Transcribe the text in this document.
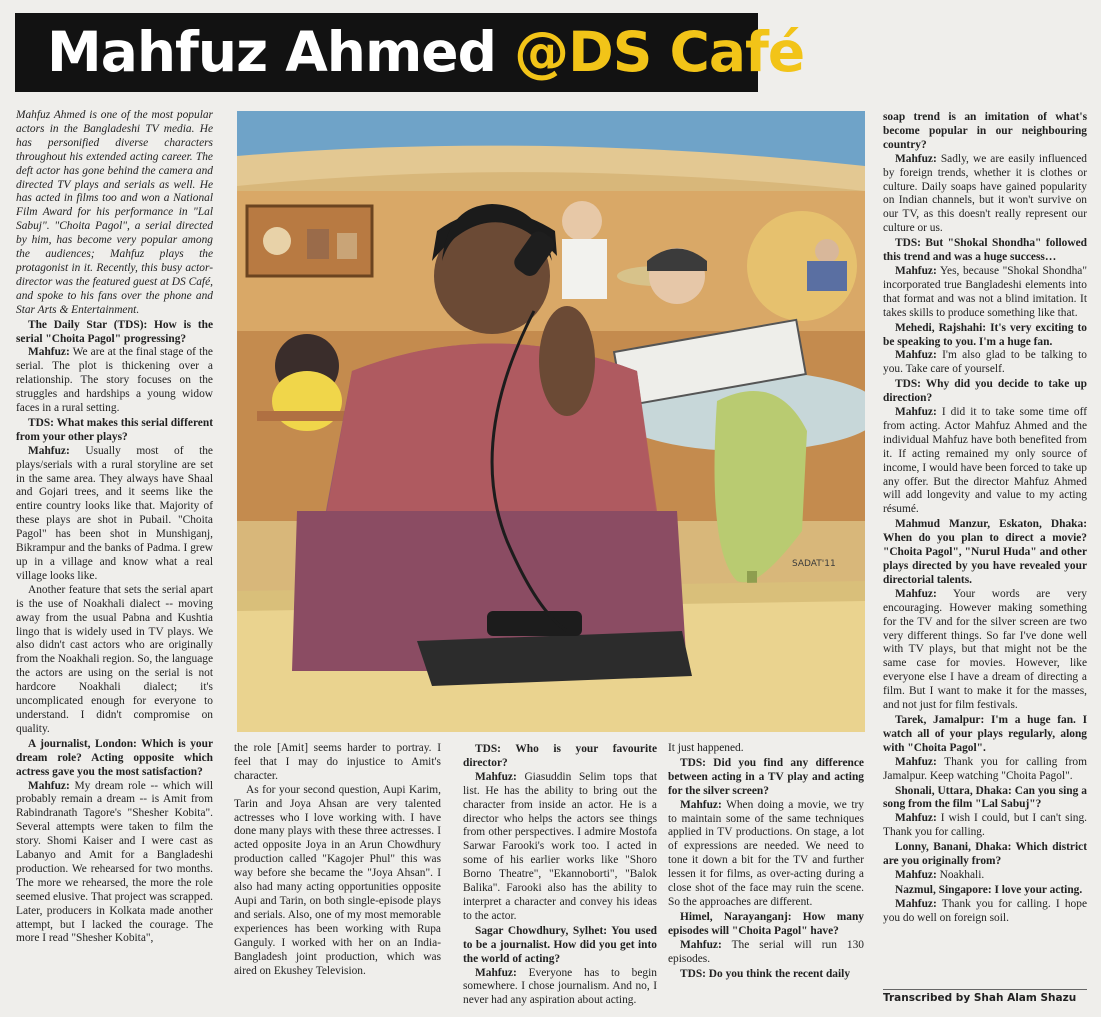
Mahfuz Ahmed @DS Café

Mahfuz Ahmed is one of the most popular actors in the Bangladeshi TV media. He has personified diverse characters throughout his extended acting career. The deft actor has gone behind the camera and directed TV plays and serials as well. He has acted in films too and won a National Film Award for his performance in "Lal Sabuj". "Choita Pagol", a serial directed by him, has become very popular among the audiences; Mahfuz plays the protagonist in it. Recently, this busy actor-director was the featured guest at DS Café, and spoke to his fans over the phone and Star Arts & Entertainment.

The Daily Star (TDS): How is the serial "Choita Pagol" progressing?

Mahfuz: We are at the final stage of the serial. The plot is thickening over a relationship. The story focuses on the struggles and hardships a young widow faces in a rural setting.

TDS: What makes this serial different from your other plays?

Mahfuz: Usually most of the plays/serials with a rural storyline are set in the same area. They always have Shaal and Gojari trees, and it seems like the entire country looks like that. Majority of these plays are shot in Pubail. "Choita Pagol" has been shot in Munshiganj, Bikrampur and the banks of Padma. I grew up in a village and know what a real village looks like.

Another feature that sets the serial apart is the use of Noakhali dialect -- moving away from the usual Pabna and Kushtia lingo that is widely used in TV plays. We also didn't cast actors who are originally from the Noakhali region. So, the language the actors are using on the serial is not hardcore Noakhali dialect; it's uncomplicated enough for everyone to understand. I didn't compromise on quality.

A journalist, London: Which is your dream role? Acting opposite which actress gave you the most satisfaction?

Mahfuz: My dream role -- which will probably remain a dream -- is Amit from Rabindranath Tagore's "Shesher Kobita". Several attempts were taken to film the story. Shomi Kaiser and I were cast as Labanyo and Amit for a Bangladeshi production. We rehearsed for two months. The more we rehearsed, the more the role seemed elusive. That project was scrapped. Later, producers in Kolkata made another attempt, but I lacked the courage. The more I read "Shesher Kobita",

SADAT'11

the role [Amit] seems harder to portray. I feel that I may do injustice to Amit's character.

As for your second question, Aupi Karim, Tarin and Joya Ahsan are very talented actresses who I love working with. I have done many plays with these three actresses. I acted opposite Joya in an Arun Chowdhury production called "Kagojer Phul" this was way before she became the "Joya Ahsan". I also had many acting opportunities opposite Aupi and Tarin, on both single-episode plays and serials. Also, one of my most memorable experiences has been working with Rupa Ganguly. I worked with her on an India-Bangladesh joint production, which was aired on Ekushey Television.

TDS: Who is your favourite director?

Mahfuz: Giasuddin Selim tops that list. He has the ability to bring out the character from inside an actor. He is a director who helps the actors see things from other perspectives. I admire Mostofa Sarwar Farooki's work too. I acted in some of his earlier works like "Shoro Borno Theatre", "Ekannoborti", "Balok Balika". Farooki also has the ability to interpret a character and convey his ideas to the actor.

Sagar Chowdhury, Sylhet: You used to be a journalist. How did you get into the world of acting?

Mahfuz: Everyone has to begin somewhere. I chose journalism. And no, I never had any aspiration about acting.

It just happened.

TDS: Did you find any difference between acting in a TV play and acting for the silver screen?

Mahfuz: When doing a movie, we try to maintain some of the same techniques applied in TV productions. On stage, a lot of expressions are needed. We need to tone it down a bit for the TV and further lessen it for films, as over-acting during a close shot of the face may ruin the scene. So the approaches are different.

Himel, Narayanganj: How many episodes will "Choita Pagol" have?

Mahfuz: The serial will run 130 episodes.

TDS: Do you think the recent daily

soap trend is an imitation of what's become popular in our neighbouring country?

Mahfuz: Sadly, we are easily influenced by foreign trends, whether it is clothes or culture. Daily soaps have gained popularity on Indian channels, but it won't survive on our TV, as this doesn't really represent our culture or us.

TDS: But "Shokal Shondha" followed this trend and was a huge success…

Mahfuz: Yes, because "Shokal Shondha" incorporated true Bangladeshi elements into that format and was not a blind imitation. It takes skills to produce something like that.

Mehedi, Rajshahi: It's very exciting to be speaking to you. I'm a huge fan.

Mahfuz: I'm also glad to be talking to you. Take care of yourself.

TDS: Why did you decide to take up direction?

Mahfuz: I did it to take some time off from acting. Actor Mahfuz Ahmed and the individual Mahfuz have both benefited from it. If acting remained my only source of income, I would have been forced to take up any offer. But the director Mahfuz Ahmed will add longevity and value to my acting résumé.

Mahmud Manzur, Eskaton, Dhaka: When do you plan to direct a movie? "Choita Pagol", "Nurul Huda" and other plays directed by you have revealed your directorial talents.

Mahfuz: Your words are very encouraging. However making something for the TV and for the silver screen are two very different things. So far I've done well with TV plays, but that might not be the same case for movies. However, like everyone else I have a dream of directing a film. But I want to make it for the masses, and not just for film festivals.

Tarek, Jamalpur: I'm a huge fan. I watch all of your plays regularly, along with "Choita Pagol".

Mahfuz: Thank you for calling from Jamalpur. Keep watching "Choita Pagol".

Shonali, Uttara, Dhaka: Can you sing a song from the film "Lal Sabuj"?

Mahfuz: I wish I could, but I can't sing. Thank you for calling.

Lonny, Banani, Dhaka: Which district are you originally from?

Mahfuz: Noakhali.

Nazmul, Singapore: I love your acting.

Mahfuz: Thank you for calling. I hope you do well on foreign soil.

Transcribed by Shah Alam Shazu
